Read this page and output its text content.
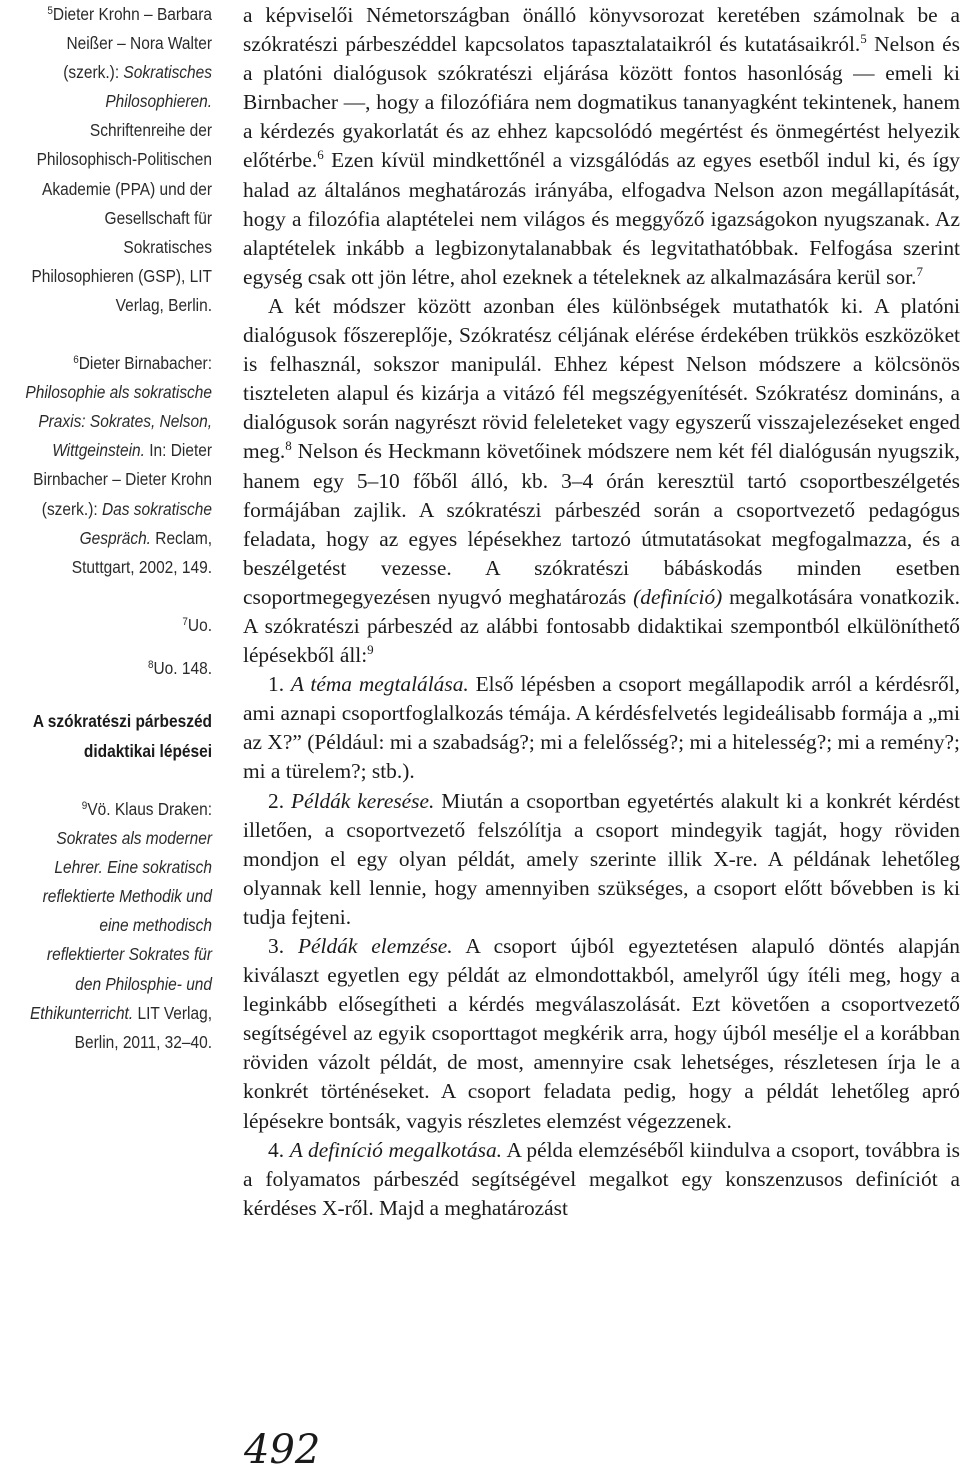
$^5$Dieter Krohn – Barbara Neißer – Nora Walter (szerk.): Sokratisches Philosophieren. Schriftenreihe der Philosophisch-Politischen Akademie (PPA) und der Gesellschaft für Sokratisches Philosophieren (GSP), LIT Verlag, Berlin.
$^6$Dieter Birnabacher: Philosophie als sokratische Praxis: Sokrates, Nelson, Wittgeinstein. In: Dieter Birnbacher – Dieter Krohn (szerk.): Das sokratische Gespräch. Reclam, Stuttgart, 2002, 149.
$^7$Uo.
$^8$Uo. 148.
A szókratészi párbeszéd didaktikai lépései
$^9$Vö. Klaus Draken: Sokrates als moderner Lehrer. Eine sokratisch reflektierte Methodik und eine methodisch reflektierter Sokrates für den Philosphie- und Ethikunterricht. LIT Verlag, Berlin, 2011, 32–40.

a képviselői Németországban önálló könyvsorozat keretében számolnak be a szókratészi párbeszéddel kapcsolatos tapasztalataikról és kutatásaikról.$^5$ Nelson és a platóni dialógusok szókratészi eljárása között fontos hasonlóság — emeli ki Birnbacher —, hogy a filozófiára nem dogmatikus tananyagként tekintenek, hanem a kérdezés gyakorlatát és az ehhez kapcsolódó megértést és önmegértést helyezik előtérbe.$^6$ Ezen kívül mindkettőnél a vizsgálódás az egyes esetből indul ki, és így halad az általános meghatározás irányába, elfogadva Nelson azon megállapítását, hogy a filozófia alaptételei nem világos és meggyőző igazságokon nyugszanak. Az alaptételek inkább a legbizonytalanabbak és legvitathatóbbak. Felfogása szerint egység csak ott jön létre, ahol ezeknek a tételeknek az alkalmazására kerül sor.$^7$

A két módszer között azonban éles különbségek mutathatók ki. A platóni dialógusok főszereplője, Szókratész céljának elérése érdekében trükkös eszközöket is felhasznál, sokszor manipulál. Ehhez képest Nelson módszere a kölcsönös tiszteleten alapul és kizárja a vitázó fél megszégyenítését. Szókratész domináns, a dialógusok során nagyrészt rövid feleleteket vagy egyszerű visszajelezéseket enged meg.$^8$ Nelson és Heckmann követőinek módszere nem két fél dialógusán nyugszik, hanem egy 5–10 főből álló, kb. 3–4 órán keresztül tartó csoportbeszélgetés formájában zajlik. A szókratészi párbeszéd során a csoportvezető pedagógus feladata, hogy az egyes lépésekhez tartozó útmutatásokat megfogalmazza, és a beszélgetést vezesse. A szókratészi bábáskodás minden esetben csoportmegegyezésen nyugvó meghatározás (definíció) megalkotására vonatkozik. A szókratészi párbeszéd az alábbi fontosabb didaktikai szempontból elkülöníthető lépésekből áll:$^9$

1. A téma megtalálása. Első lépésben a csoport megállapodik arról a kérdésről, ami aznapi csoportfoglalkozás témája. A kérdésfelvetés legideálisabb formája a „mi az X?” (Például: mi a szabadság?; mi a felelősség?; mi a hitelesség?; mi a remény?; mi a türelem?; stb.).

2. Példák keresése. Miután a csoportban egyetértés alakult ki a konkrét kérdést illetően, a csoportvezető felszólítja a csoport mindegyik tagját, hogy röviden mondjon el egy olyan példát, amely szerinte illik X-re. A példának lehetőleg olyannak kell lennie, hogy amennyiben szükséges, a csoport előtt bővebben is ki tudja fejteni.

3. Példák elemzése. A csoport újból egyeztetésen alapuló döntés alapján kiválaszt egyetlen egy példát az elmondottakból, amelyről úgy ítéli meg, hogy a leginkább elősegítheti a kérdés megválaszolását. Ezt követően a csoportvezető segítségével az egyik csoporttagot megkérik arra, hogy újból mesélje el a korábban röviden vázolt példát, de most, amennyire csak lehetséges, részletesen írja le a konkrét történéseket. A csoport feladata pedig, hogy a példát lehetőleg apró lépésekre bontsák, vagyis részletes elemzést végezzenek.

4. A definíció megalkotása. A példa elemzéséből kiindulva a csoport, továbbra is a folyamatos párbeszéd segítségével megalkot egy konszenzusos definíciót a kérdéses X-ről. Majd a meghatározást

492
